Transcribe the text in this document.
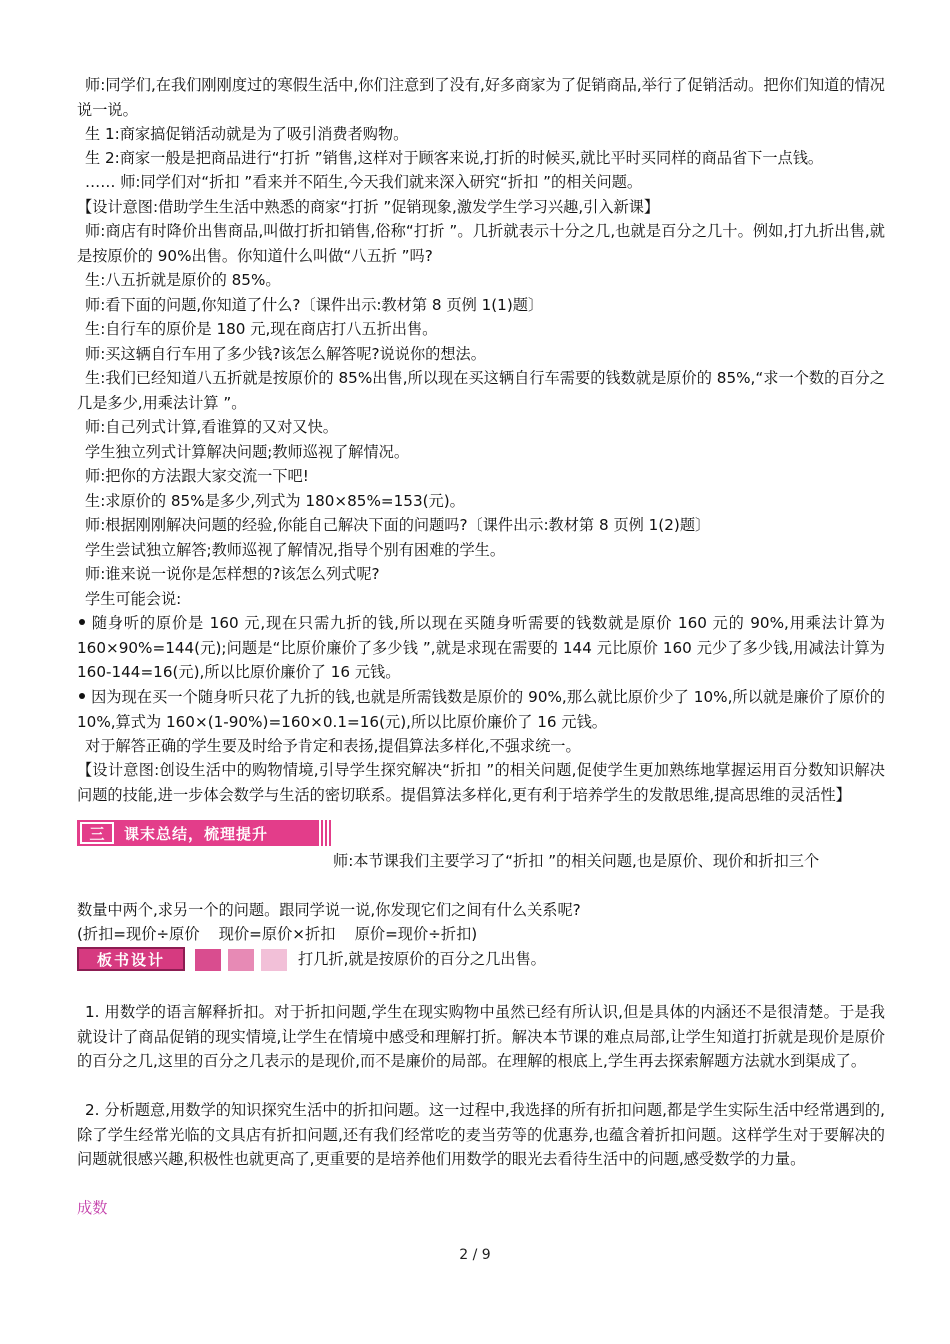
师:同学们,在我们刚刚度过的寒假生活中,你们注意到了没有,好多商家为了促销商品,举行了促销活动。把你们知道的情况说一说。

生 1:商家搞促销活动就是为了吸引消费者购物。

生 2:商家一般是把商品进行“打折 ”销售,这样对于顾客来说,打折的时候买,就比平时买同样的商品省下一点钱。

…… 师:同学们对“折扣 ”看来并不陌生,今天我们就来深入研究“折扣 ”的相关问题。

【设计意图:借助学生生活中熟悉的商家“打折 ”促销现象,激发学生学习兴趣,引入新课】

师:商店有时降价出售商品,叫做打折扣销售,俗称“打折 ”。几折就表示十分之几,也就是百分之几十。例如,打九折出售,就是按原价的 90%出售。你知道什么叫做“八五折 ”吗?

生:八五折就是原价的 85%。

师:看下面的问题,你知道了什么?〔课件出示:教材第 8 页例 1(1)题〕

生:自行车的原价是 180 元,现在商店打八五折出售。

师:买这辆自行车用了多少钱?该怎么解答呢?说说你的想法。

生:我们已经知道八五折就是按原价的 85%出售,所以现在买这辆自行车需要的钱数就是原价的 85%,“求一个数的百分之几是多少,用乘法计算 ”。

师:自己列式计算,看谁算的又对又快。

学生独立列式计算解决问题;教师巡视了解情况。

师:把你的方法跟大家交流一下吧!

生:求原价的 85%是多少,列式为 180×85%=153(元)。

师:根据刚刚解决问题的经验,你能自己解决下面的问题吗?〔课件出示:教材第 8 页例 1(2)题〕

学生尝试独立解答;教师巡视了解情况,指导个别有困难的学生。

师:谁来说一说你是怎样想的?该怎么列式呢?

学生可能会说:

随身听的原价是 160 元,现在只需九折的钱,所以现在买随身听需要的钱数就是原价 160 元的 90%,用乘法计算为 160×90%=144(元);问题是“比原价廉价了多少钱 ”,就是求现在需要的 144 元比原价 160 元少了多少钱,用减法计算为 160-144=16(元),所以比原价廉价了 16 元钱。

因为现在买一个随身听只花了九折的钱,也就是所需钱数是原价的 90%,那么就比原价少了 10%,所以就是廉价了原价的 10%,算式为 160×(1-90%)=160×0.1=16(元),所以比原价廉价了 16 元钱。

对于解答正确的学生要及时给予肯定和表扬,提倡算法多样化,不强求统一。

【设计意图:创设生活中的购物情境,引导学生探究解决“折扣 ”的相关问题,促使学生更加熟练地掌握运用百分数知识解决问题的技能,进一步体会数学与生活的密切联系。提倡算法多样化,更有利于培养学生的发散思维,提高思维的灵活性】

三	课末总结，梳理提升

师:本节课我们主要学习了“折扣 ”的相关问题,也是原价、现价和折扣三个

数量中两个,求另一个的问题。跟同学说一说,你发现它们之间有什么关系呢?

(折扣=现价÷原价    现价=原价×折扣    原价=现价÷折扣)

板书设计	打几折,就是按原价的百分之几出售。

1. 用数学的语言解释折扣。对于折扣问题,学生在现实购物中虽然已经有所认识,但是具体的内涵还不是很清楚。于是我就设计了商品促销的现实情境,让学生在情境中感受和理解打折。解决本节课的难点局部,让学生知道打折就是现价是原价的百分之几,这里的百分之几表示的是现价,而不是廉价的局部。在理解的根底上,学生再去探索解题方法就水到渠成了。

2. 分析题意,用数学的知识探究生活中的折扣问题。这一过程中,我选择的所有折扣问题,都是学生实际生活中经常遇到的,除了学生经常光临的文具店有折扣问题,还有我们经常吃的麦当劳等的优惠券,也蕴含着折扣问题。这样学生对于要解决的问题就很感兴趣,积极性也就更高了,更重要的是培养他们用数学的眼光去看待生活中的问题,感受数学的力量。

成数
2 / 9
